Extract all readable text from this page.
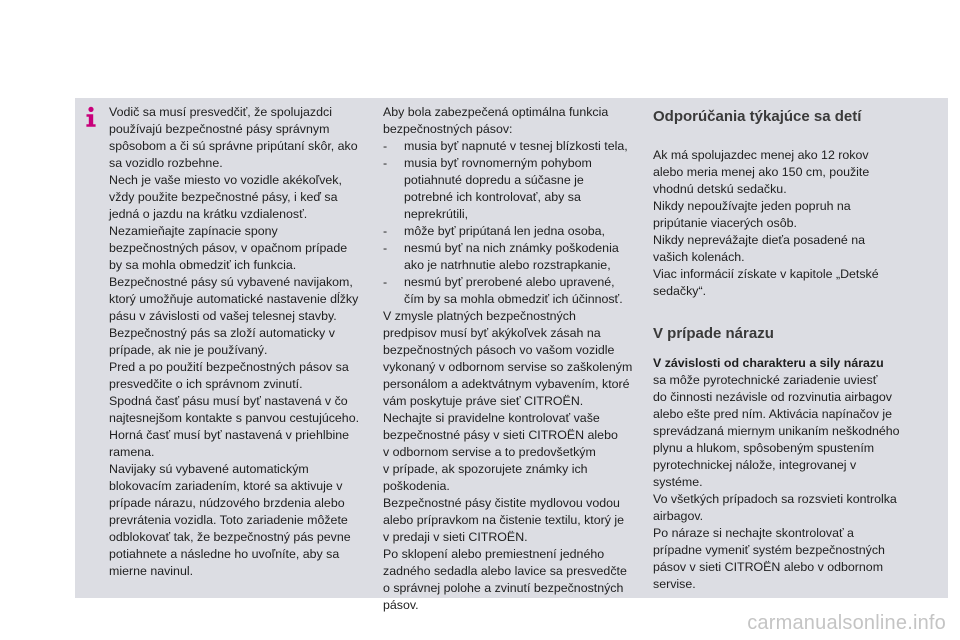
Vodič sa musí presvedčiť, že spolujazdci

používajú bezpečnostné pásy správnym

spôsobom a či sú správne pripútaní skôr, ako

sa vozidlo rozbehne.

Nech je vaše miesto vo vozidle akékoľvek,

vždy použite bezpečnostné pásy, i keď sa

jedná o jazdu na krátku vzdialenosť.

Nezamieňajte zapínacie spony

bezpečnostných pásov, v opačnom prípade

by sa mohla obmedziť ich funkcia.

Bezpečnostné pásy sú vybavené navijakom,

ktorý umožňuje automatické nastavenie dĺžky

pásu v závislosti od vašej telesnej stavby.

Bezpečnostný pás sa zloží automaticky v

prípade, ak nie je používaný.

Pred a po použití bezpečnostných pásov sa

presvedčite o ich správnom zvinutí.

Spodná časť pásu musí byť nastavená v čo

najtesnejšom kontakte s panvou cestujúceho.

Horná časť musí byť nastavená v priehlbine

ramena.

Navijaky sú vybavené automatickým

blokovacím zariadením, ktoré sa aktivuje v

prípade nárazu, núdzového brzdenia alebo

prevrátenia vozidla. Toto zariadenie môžete

odblokovať tak, že bezpečnostný pás pevne

potiahnete a následne ho uvoľníte, aby sa

mierne navinul.

Aby bola zabezpečená optimálna funkcia

bezpečnostných pásov:

-	musia byť napnuté v tesnej blízkosti tela,

-	musia byť rovnomerným pohybom

potiahnuté dopredu a súčasne je

potrebné ich kontrolovať, aby sa

neprekrútili,

-	môže byť pripútaná len jedna osoba,

-	nesmú byť na nich známky poškodenia

ako je natrhnutie alebo rozstrapkanie,

-	nesmú byť prerobené alebo upravené,

čím by sa mohla obmedziť ich účinnosť.

V zmysle platných bezpečnostných

predpisov musí byť akýkoľvek zásah na

bezpečnostných pásoch vo vašom vozidle

vykonaný v odbornom servise so zaškoleným

personálom a adektvátnym vybavením, ktoré

vám poskytuje práve sieť CITROËN.

Nechajte si pravidelne kontrolovať vaše

bezpečnostné pásy v sieti CITROËN alebo

v odbornom servise a to predovšetkým

v prípade, ak spozorujete známky ich

poškodenia.

Bezpečnostné pásy čistite mydlovou vodou

alebo prípravkom na čistenie textilu, ktorý je

v predaji v sieti CITROËN.

Po sklopení alebo premiestnení jedného

zadného sedadla alebo lavice sa presvedčte

o správnej polohe a zvinutí bezpečnostných

pásov.

Odporúčania týkajúce sa detí

Ak má spolujazdec menej ako 12 rokov

alebo meria menej ako 150 cm, použite

vhodnú detskú sedačku.

Nikdy nepoužívajte jeden popruh na

pripútanie viacerých osôb.

Nikdy neprevážajte dieťa posadené na

vašich kolenách.

Viac informácií získate v kapitole „Detské

sedačky“.

V prípade nárazu

V závislosti od charakteru a sily nárazu

sa môže pyrotechnické zariadenie uviesť

do činnosti nezávisle od rozvinutia airbagov

alebo ešte pred ním. Aktivácia napínačov je

sprevádzaná miernym unikaním neškodného

plynu a hlukom, spôsobeným spustením

pyrotechnickej nálože, integrovanej v

systéme.

Vo všetkých prípadoch sa rozsvieti kontrolka

airbagov.

Po náraze si nechajte skontrolovať a

prípadne vymeniť systém bezpečnostných

pásov v sieti CITROËN alebo v odbornom

servise.

carmanualsonline.info
